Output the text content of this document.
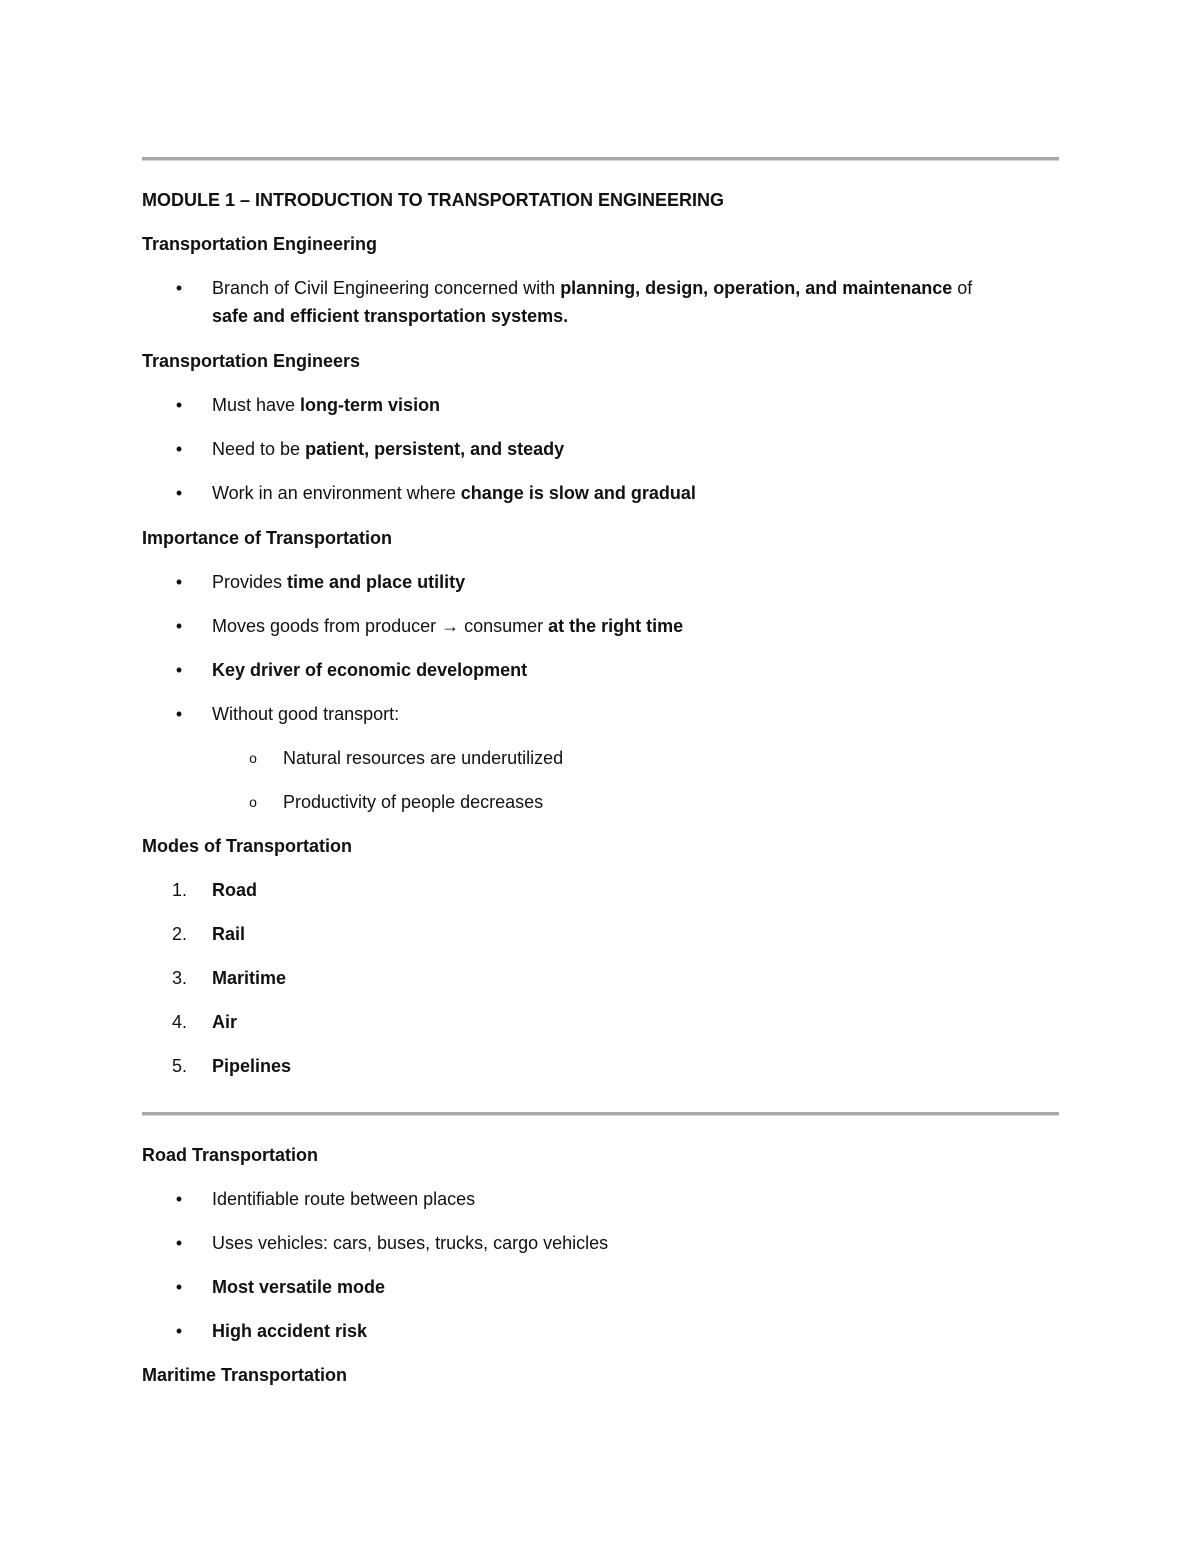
MODULE 1 – INTRODUCTION TO TRANSPORTATION ENGINEERING
Transportation Engineering
• Branch of Civil Engineering concerned with planning, design, operation, and maintenance of
safe and efficient transportation systems.
Transportation Engineers
• Must have long-term vision
• Need to be patient, persistent, and steady
• Work in an environment where change is slow and gradual
Importance of Transportation
• Provides time and place utility
• Moves goods from producer → consumer at the right time
• Key driver of economic development
• Without good transport:
o Natural resources are underutilized
o Productivity of people decreases
Modes of Transportation
1.	Road
2.	Rail
3.	Maritime
4.	Air
5.	Pipelines
Road Transportation
• Identifiable route between places
• Uses vehicles: cars, buses, trucks, cargo vehicles
• Most versatile mode
• High accident risk
Maritime Transportation
